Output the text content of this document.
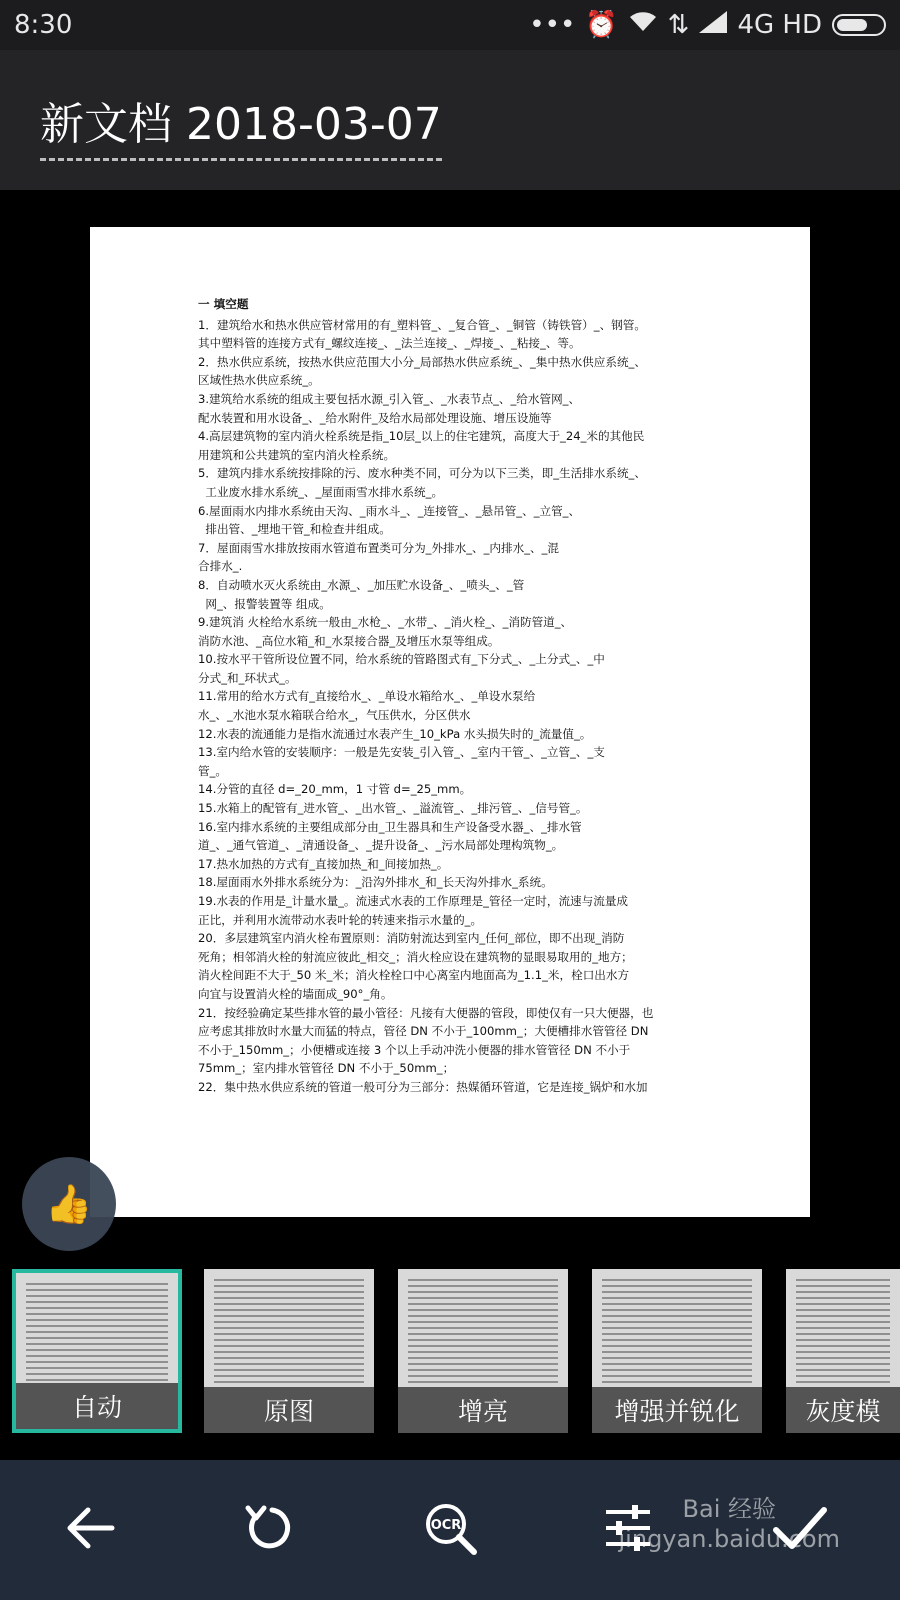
8:30	••• ⏰ ⇅ 4G HD
新文档 2018-03-07
一 填空题
1．建筑给水和热水供应管材常用的有_塑料管_、_复合管_、_铜管（铸铁管）_、钢管。
其中塑料管的连接方式有_螺纹连接_、_法兰连接_、_焊接_、_粘接_、等。
2．热水供应系统，按热水供应范围大小分_局部热水供应系统_、_集中热水供应系统_、
区域性热水供应系统_。
3.建筑给水系统的组成主要包括水源_引入管_、_水表节点_、_给水管网_、
配水装置和用水设备_、_给水附件_及给水局部处理设施、增压设施等
4.高层建筑物的室内消火栓系统是指_10层_以上的住宅建筑，高度大于_24_米的其他民
用建筑和公共建筑的室内消火栓系统。
5．建筑内排水系统按排除的污、废水种类不同，可分为以下三类，即_生活排水系统_、
工业废水排水系统_、_屋面雨雪水排水系统_。
6.屋面雨水内排水系统由天沟、_雨水斗_、_连接管_、_悬吊管_、_立管_、
排出管、_埋地干管_和检查井组成。
7．屋面雨雪水排放按雨水管道布置类可分为_外排水_、_内排水_、_混
合排水_.
8．自动喷水灭火系统由_水源_、_加压贮水设备_、_喷头_、_管
网_、报警装置等 组成。
9.建筑消 火栓给水系统一般由_水枪_、_水带_、_消火栓_、_消防管道_、
消防水池、_高位水箱_和_水泵接合器_及增压水泵等组成。
10.按水平干管所设位置不同，给水系统的管路图式有_下分式_、_上分式_、_中
分式_和_环状式_。
11.常用的给水方式有_直接给水_、_单设水箱给水_、_单设水泵给
水_、_水池水泵水箱联合给水_，气压供水，分区供水
12.水表的流通能力是指水流通过水表产生_10_kPa 水头损失时的_流量值_。
13.室内给水管的安装顺序：一般是先安装_引入管_、_室内干管_、_立管_、_支
管_。
14.分管的直径 d=_20_mm，1 寸管 d=_25_mm。
15.水箱上的配管有_进水管_、_出水管_、_溢流管_、_排污管_、_信号管_。
16.室内排水系统的主要组成部分由_卫生器具和生产设备受水器_、_排水管
道_、_通气管道_、_清通设备_、_提升设备_、_污水局部处理构筑物_。
17.热水加热的方式有_直接加热_和_间接加热_。
18.屋面雨水外排水系统分为：_沿沟外排水_和_长天沟外排水_系统。
19.水表的作用是_计量水量_。流速式水表的工作原理是_管径一定时，流速与流量成
正比，并利用水流带动水表叶轮的转速来指示水量的_。
20．多层建筑室内消火栓布置原则：消防射流达到室内_任何_部位，即不出现_消防
死角；相邻消火栓的射流应彼此_相交_；消火栓应设在建筑物的显眼易取用的_地方；
消火栓间距不大于_50 米_米；消火栓栓口中心离室内地面高为_1.1_米，栓口出水方
向宜与设置消火栓的墙面成_90°_角。
21．按经验确定某些排水管的最小管径：凡接有大便器的管段，即使仅有一只大便器，也
应考虑其排放时水量大而猛的特点，管径 DN 不小于_100mm_；大便槽排水管管径 DN
不小于_150mm_；小便槽或连接 3 个以上手动冲洗小便器的排水管管径 DN 不小于
75mm_；室内排水管管径 DN 不小于_50mm_；
22．集中热水供应系统的管道一般可分为三部分：热媒循环管道，它是连接_锅炉和水加
👍
自动	原图	增亮	增强并锐化	灰度模
OCR
Bai 经验
jingyan.baidu.com
